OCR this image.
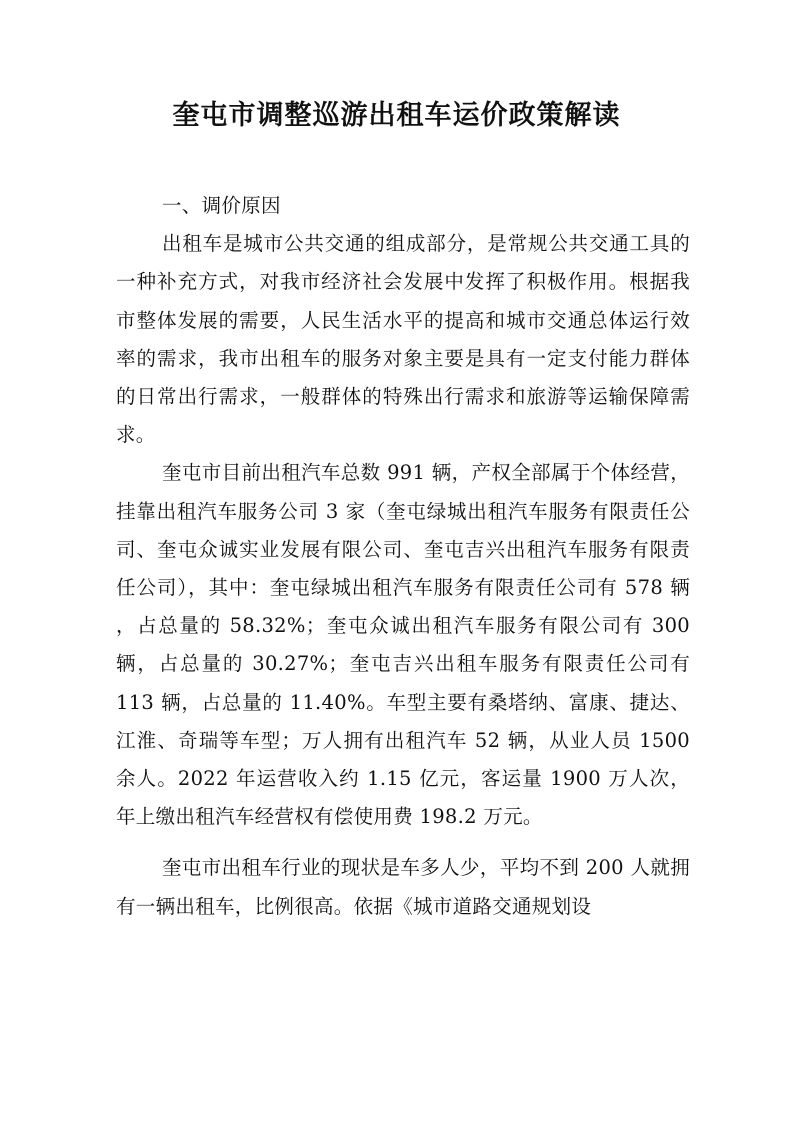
奎屯市调整巡游出租车运价政策解读

一、调价原因

出租车是城市公共交通的组成部分，是常规公共交通工具的一种补充方式，对我市经济社会发展中发挥了积极作用。根据我市整体发展的需要，人民生活水平的提高和城市交通总体运行效率的需求，我市出租车的服务对象主要是具有一定支付能力群体的日常出行需求，一般群体的特殊出行需求和旅游等运输保障需求。

奎屯市目前出租汽车总数 991 辆，产权全部属于个体经营，挂靠出租汽车服务公司 3 家（奎屯绿城出租汽车服务有限责任公司、奎屯众诚实业发展有限公司、奎屯吉兴出租汽车服务有限责任公司），其中：奎屯绿城出租汽车服务有限责任公司有 578 辆 ，占总量的 58.32%；奎屯众诚出租汽车服务有限公司有 300 辆，占总量的 30.27%；奎屯吉兴出租车服务有限责任公司有 113 辆，占总量的 11.40%。车型主要有桑塔纳、富康、捷达、江淮、奇瑞等车型；万人拥有出租汽车 52 辆，从业人员 1500 余人。2022 年运营收入约 1.15 亿元，客运量 1900 万人次，年上缴出租汽车经营权有偿使用费 198.2 万元。

奎屯市出租车行业的现状是车多人少，平均不到 200 人就拥有一辆出租车，比例很高。依据《城市道路交通规划设
